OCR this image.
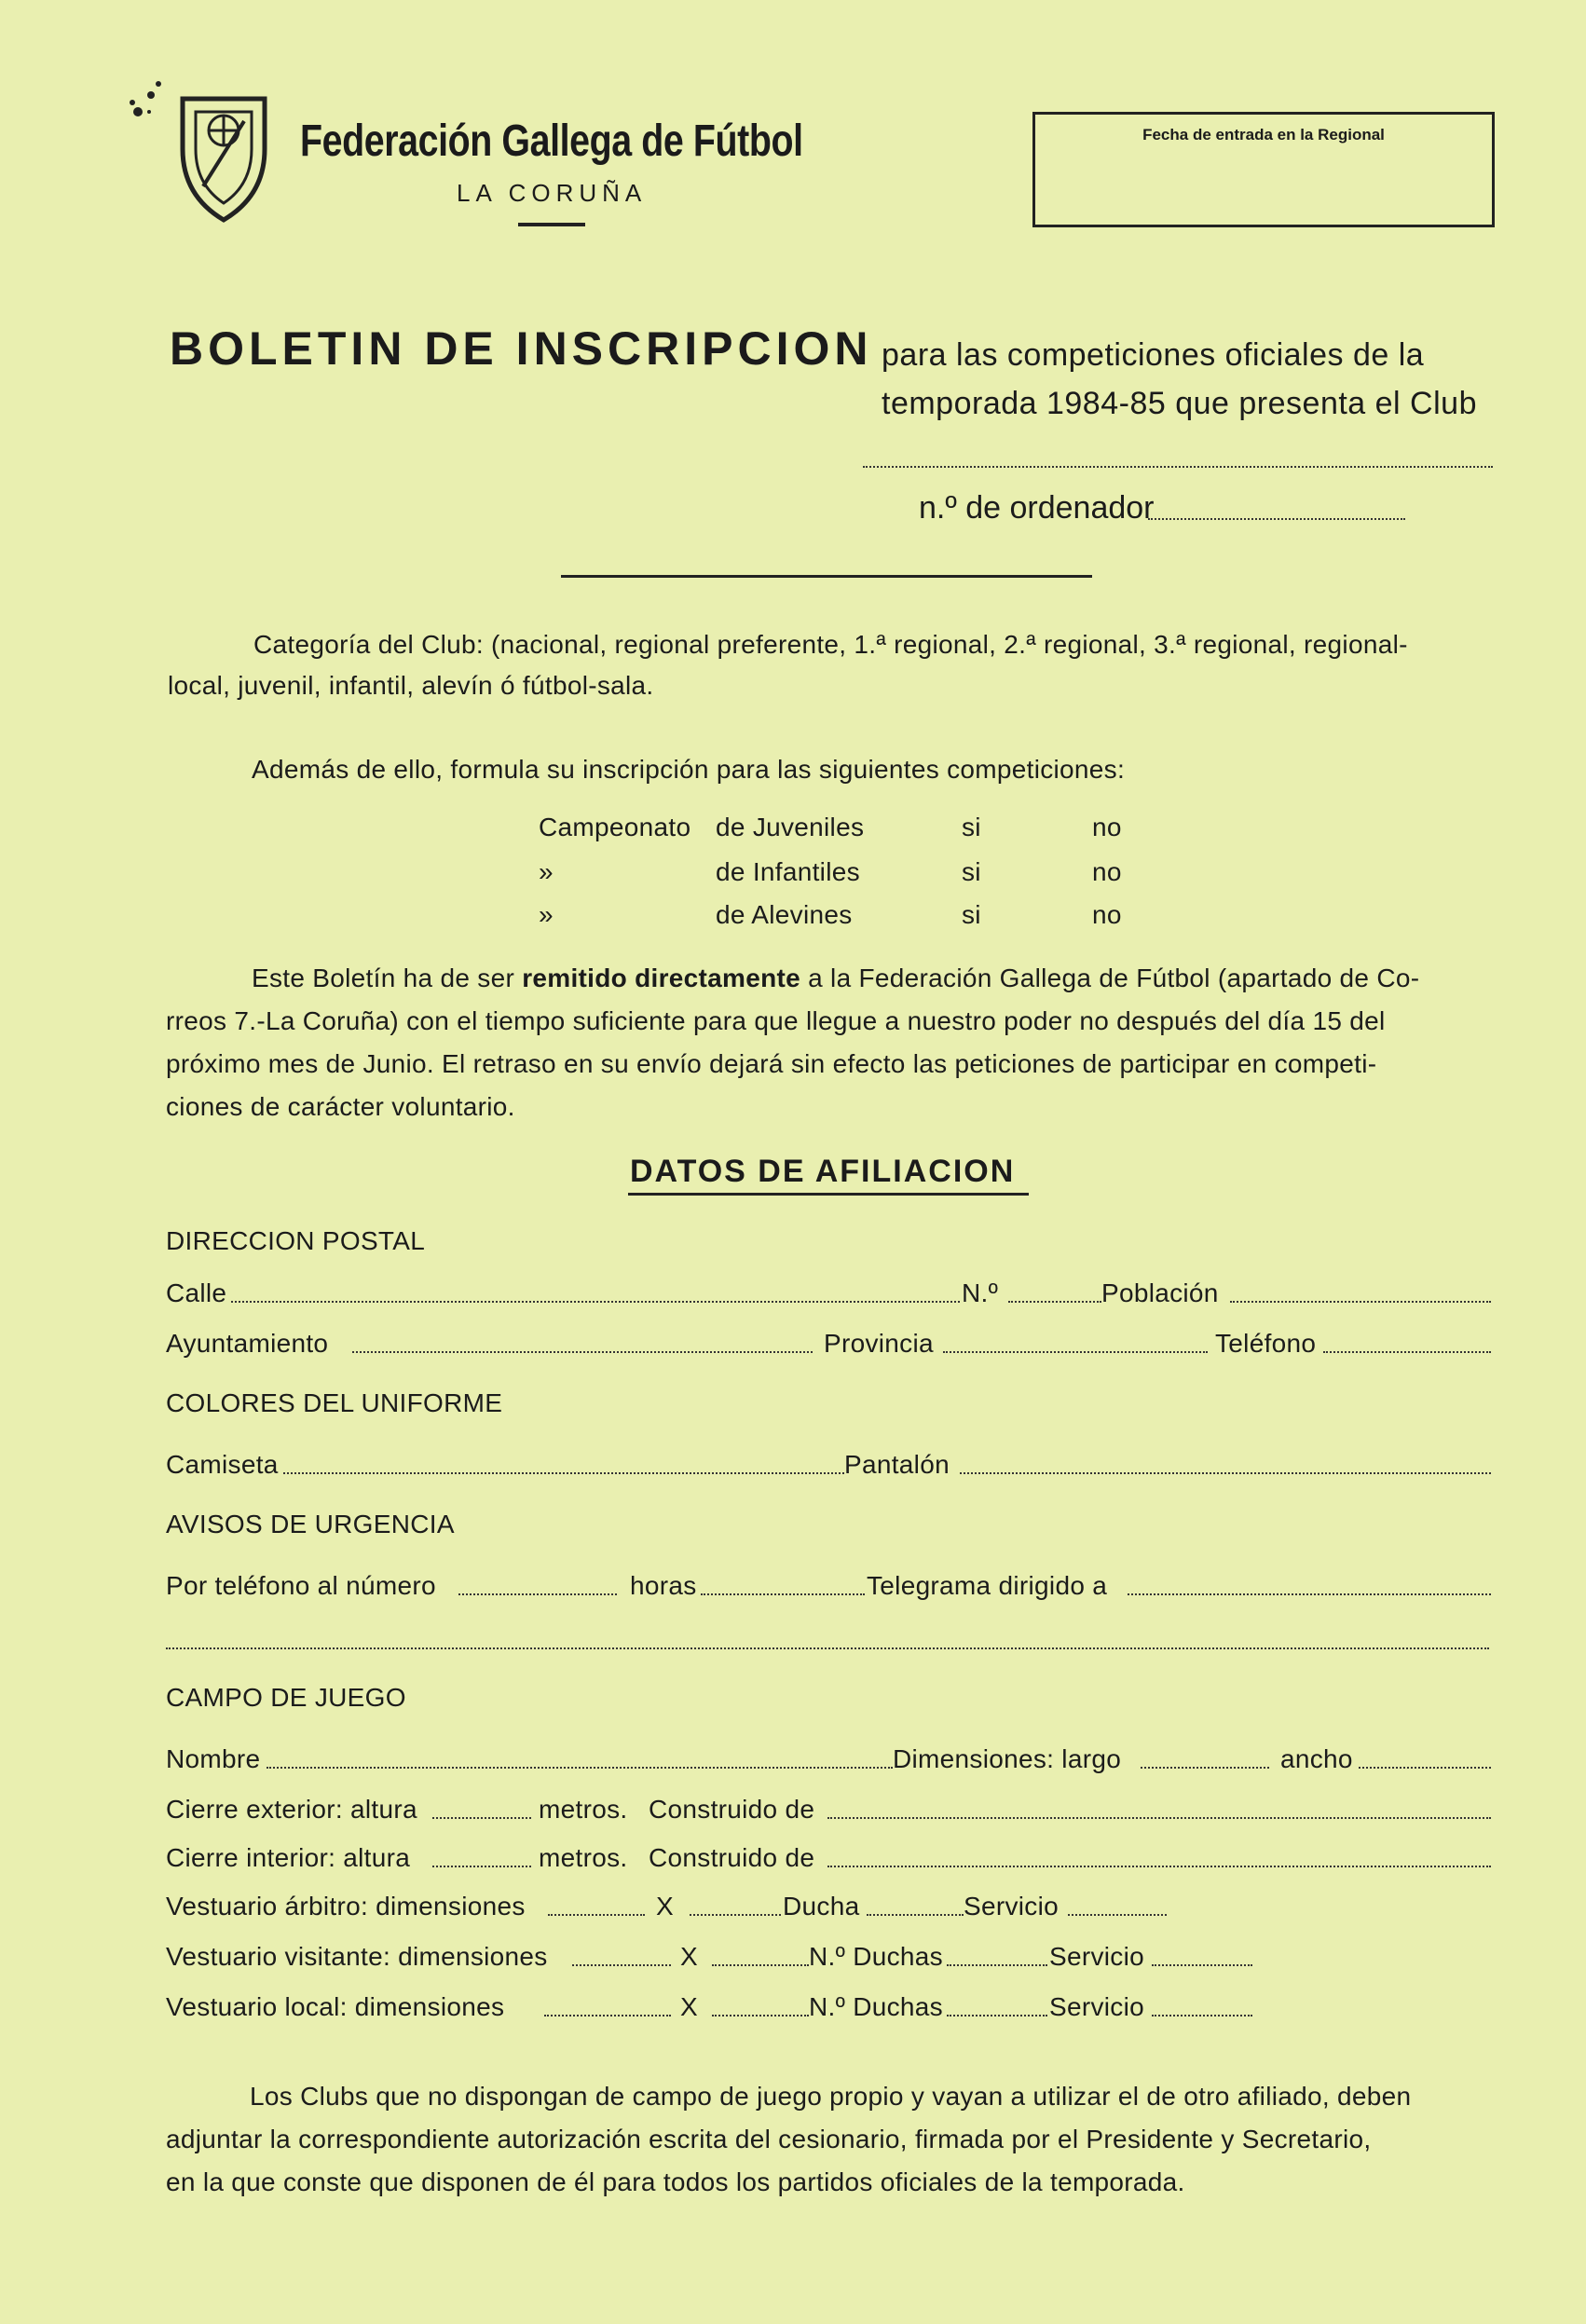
Federación Gallega de Fútbol
LA CORUÑA
Fecha de entrada en la Regional
BOLETIN DE INSCRIPCION para las competiciones oficiales de la
temporada 1984-85 que presenta el Club
n.º de ordenador
Categoría del Club: (nacional, regional preferente, 1.ª regional, 2.ª regional, 3.ª regional, regional-
local, juvenil, infantil, alevín ó fútbol-sala.
Además de ello, formula su inscripción para las siguientes competiciones:
Campeonato de Juveniles	si	no
»	de Infantiles	si	no
»	de Alevines	si	no
Este Boletín ha de ser remitido directamente a la Federación Gallega de Fútbol (apartado de Co-
rreos 7.-La Coruña) con el tiempo suficiente para que llegue a nuestro poder no después del día 15 del
próximo mes de Junio. El retraso en su envío dejará sin efecto las peticiones de participar en competi-
ciones de carácter voluntario.
DATOS DE AFILIACION
DIRECCION POSTAL
Calle	N.º	Población
Ayuntamiento	Provincia	Teléfono
COLORES DEL UNIFORME
Camiseta	Pantalón
AVISOS DE URGENCIA
Por teléfono al número	horas	Telegrama dirigido a
CAMPO DE JUEGO
Nombre	Dimensiones: largo	ancho
Cierre exterior: altura	metros. Construido de
Cierre interior: altura	metros. Construido de
Vestuario árbitro: dimensiones	X	Ducha	Servicio
Vestuario visitante: dimensiones	X	N.º Duchas	Servicio
Vestuario local: dimensiones	X	N.º Duchas	Servicio
Los Clubs que no dispongan de campo de juego propio y vayan a utilizar el de otro afiliado, deben
adjuntar la correspondiente autorización escrita del cesionario, firmada por el Presidente y Secretario,
en la que conste que disponen de él para todos los partidos oficiales de la temporada.
